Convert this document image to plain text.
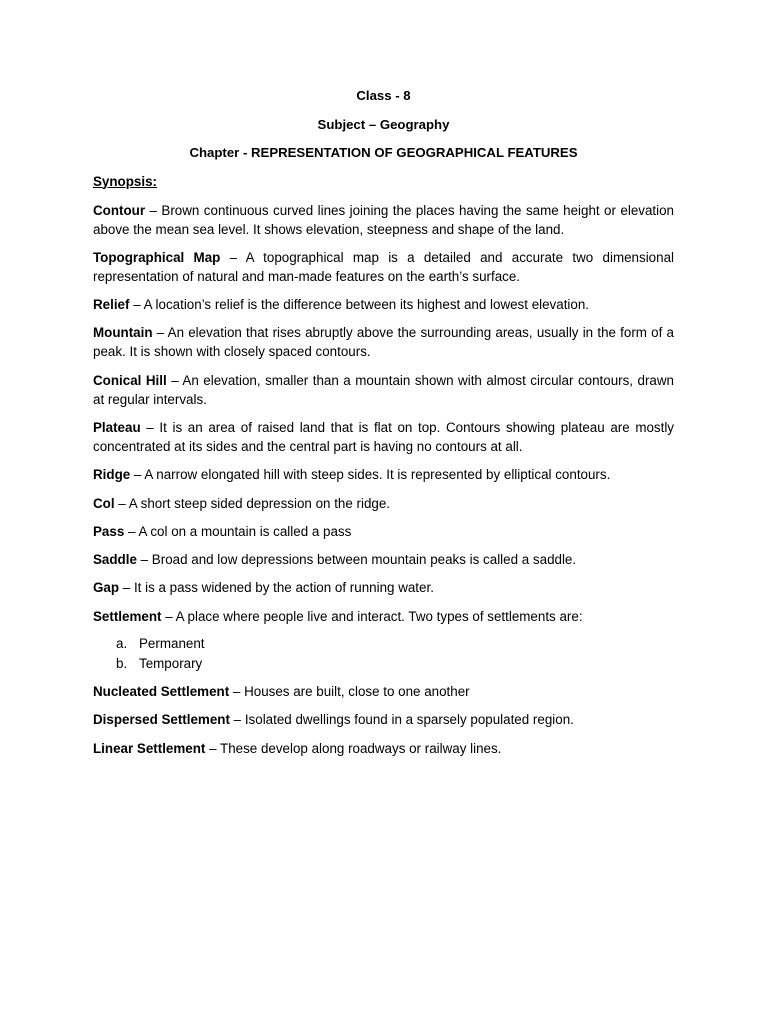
Class - 8
Subject – Geography
Chapter - REPRESENTATION OF GEOGRAPHICAL FEATURES
Synopsis:

Contour – Brown continuous curved lines joining the places having the same height or elevation above the mean sea level. It shows elevation, steepness and shape of the land.

Topographical Map – A topographical map is a detailed and accurate two dimensional representation of natural and man-made features on the earth’s surface.

Relief – A location’s relief is the difference between its highest and lowest elevation.

Mountain – An elevation that rises abruptly above the surrounding areas, usually in the form of a peak. It is shown with closely spaced contours.

Conical Hill – An elevation, smaller than a mountain shown with almost circular contours, drawn at regular intervals.

Plateau – It is an area of raised land that is flat on top. Contours showing plateau are mostly concentrated at its sides and the central part is having no contours at all.

Ridge – A narrow elongated hill with steep sides. It is represented by elliptical contours.

Col – A short steep sided depression on the ridge.

Pass – A col on a mountain is called a pass

Saddle – Broad and low depressions between mountain peaks is called a saddle.

Gap – It is a pass widened by the action of running water.

Settlement – A place where people live and interact. Two types of settlements are:

a. Permanent
b. Temporary

Nucleated Settlement – Houses are built, close to one another

Dispersed Settlement – Isolated dwellings found in a sparsely populated region.

Linear Settlement – These develop along roadways or railway lines.
